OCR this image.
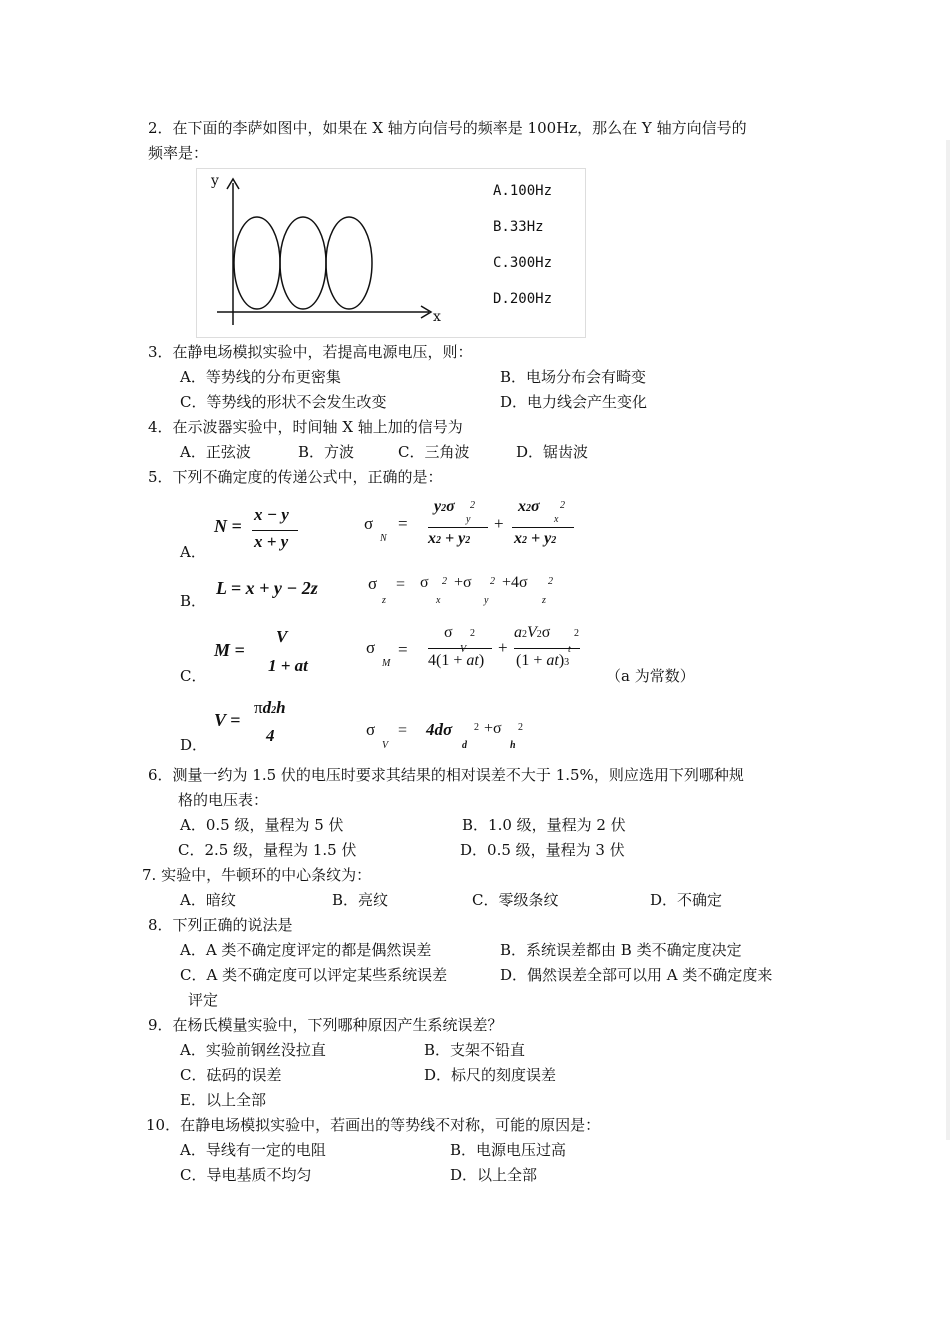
2．在下面的李萨如图中，如果在 X 轴方向信号的频率是 100Hz，那么在 Y 轴方向信号的
频率是：
y
x
A.100Hz
B.33Hz
C.300Hz
D.200Hz
3．在静电场模拟实验中，若提高电源电压，则：
A．等势线的分布更密集	B．电场分布会有畸变
C．等势线的形状不会发生改变	D．电力线会产生变化
4．在示波器实验中，时间轴 X 轴上加的信号为
A．正弦波	B．方波	C．三角波	D．锯齿波
5．下列不确定度的传递公式中，正确的是：
A．
N =
x − y
x + y
σ
N
=
y2σ 2
y
x2 + y2
+
x2σ 2
x
x2 + y2
B．
L = x + y − 2z	σ
z
= σ
x
2 +σ
y
2 +4σ
z
2
C．
M =
V
1 + at
σ
M
=
σ
V
2
4(1 + at)
+
a2V2σ 2
t
(1 + at)3
（a 为常数）
D．
V =
πd2h
4	σ
V
= 4dσ
d
2 +σ
h
2
6．测量一约为 1.5 伏的电压时要求其结果的相对误差不大于 1.5%，则应选用下列哪种规
格的电压表：
A．0.5 级，量程为 5 伏	B．1.0 级，量程为 2 伏
C．2.5 级，量程为 1.5 伏	D．0.5 级，量程为 3 伏
7. 实验中，牛顿环的中心条纹为：
A．暗纹	B．亮纹	C．零级条纹	D．不确定
8．下列正确的说法是
A．A 类不确定度评定的都是偶然误差	B．系统误差都由 B 类不确定度决定
C．A 类不确定度可以评定某些系统误差	D．偶然误差全部可以用 A 类不确定度来
评定
9．在杨氏模量实验中，下列哪种原因产生系统误差？
A．实验前钢丝没拉直	B．支架不铅直
C．砝码的误差	D．标尺的刻度误差
E．以上全部
10．在静电场模拟实验中，若画出的等势线不对称，可能的原因是：
A．导线有一定的电阻	B．电源电压过高
C．导电基质不均匀	D．以上全部
